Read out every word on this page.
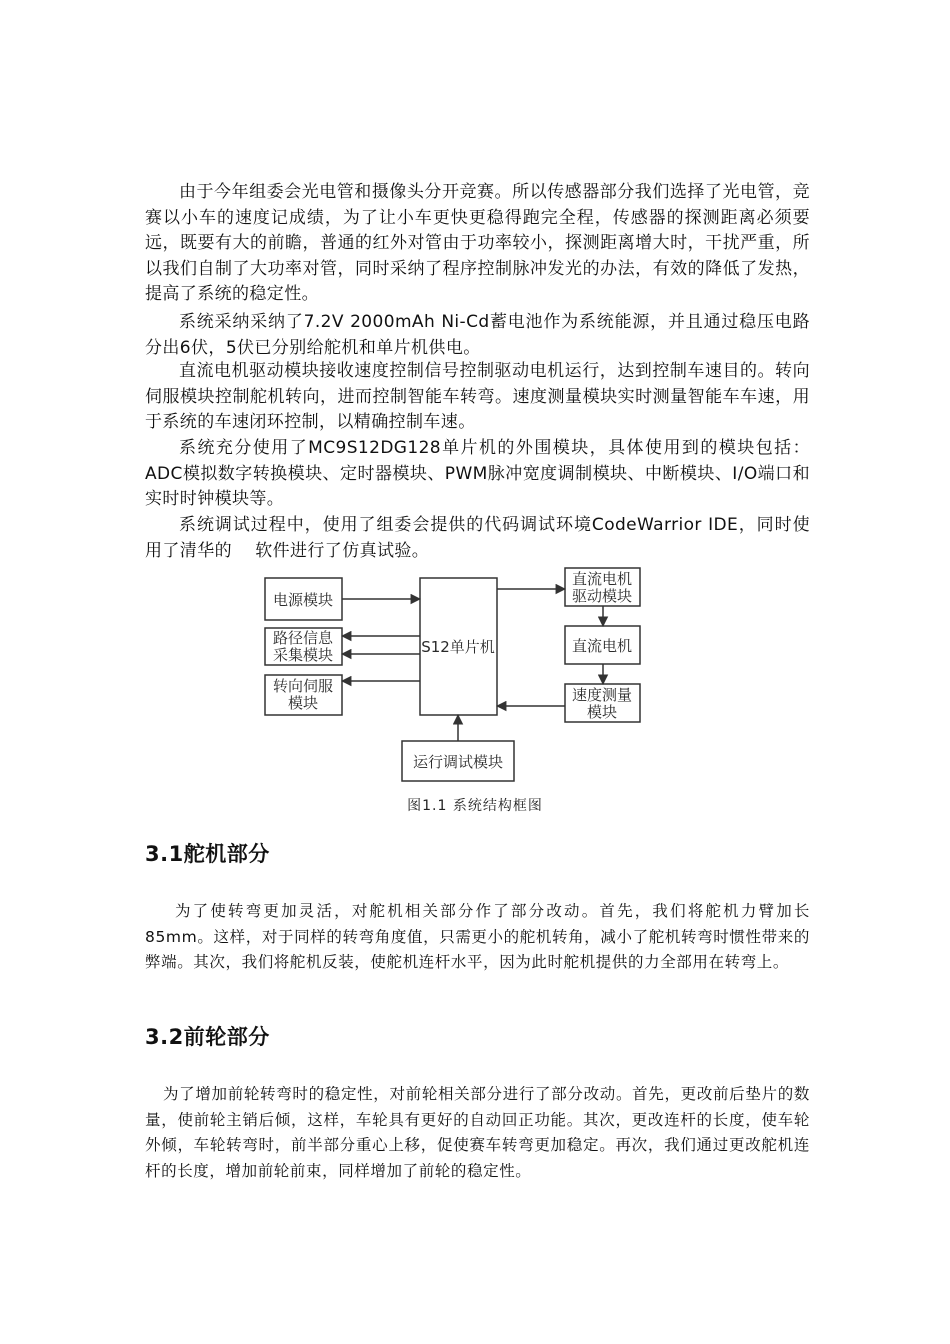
由于今年组委会光电管和摄像头分开竞赛。所以传感器部分我们选择了光电管，竞赛以小车的速度记成绩，为了让小车更快更稳得跑完全程，传感器的探测距离必须要远，既要有大的前瞻，普通的红外对管由于功率较小，探测距离增大时，干扰严重，所以我们自制了大功率对管，同时采纳了程序控制脉冲发光的办法，有效的降低了发热，提高了系统的稳定性。

系统采纳采纳了7.2V 2000mAh Ni-Cd蓄电池作为系统能源，并且通过稳压电路分出6伏，5伏已分别给舵机和单片机供电。

直流电机驱动模块接收速度控制信号控制驱动电机运行，达到控制车速目的。转向伺服模块控制舵机转向，进而控制智能车转弯。速度测量模块实时测量智能车车速，用于系统的车速闭环控制，以精确控制车速。

系统充分使用了MC9S12DG128单片机的外围模块，具体使用到的模块包括：ADC模拟数字转换模块、定时器模块、PWM脉冲宽度调制模块、中断模块、I/O端口和实时时钟模块等。

系统调试过程中，使用了组委会提供的代码调试环境CodeWarrior IDE，同时使用了清华的　 软件进行了仿真试验。

电源模块
路径信息
采集模块
转向伺服
模块
S12单片机
直流电机
驱动模块
直流电机
速度测量
模块
运行调试模块
图1.1 系统结构框图
3.1舵机部分

为了使转弯更加灵活，对舵机相关部分作了部分改动。首先，我们将舵机力臂加长85mm。这样，对于同样的转弯角度值，只需更小的舵机转角，减小了舵机转弯时惯性带来的弊端。其次，我们将舵机反装，使舵机连杆水平，因为此时舵机提供的力全部用在转弯上。

3.2前轮部分

为了增加前轮转弯时的稳定性，对前轮相关部分进行了部分改动。首先，更改前后垫片的数量，使前轮主销后倾，这样，车轮具有更好的自动回正功能。其次，更改连杆的长度，使车轮外倾，车轮转弯时，前半部分重心上移，促使赛车转弯更加稳定。再次，我们通过更改舵机连杆的长度，增加前轮前束，同样增加了前轮的稳定性。
